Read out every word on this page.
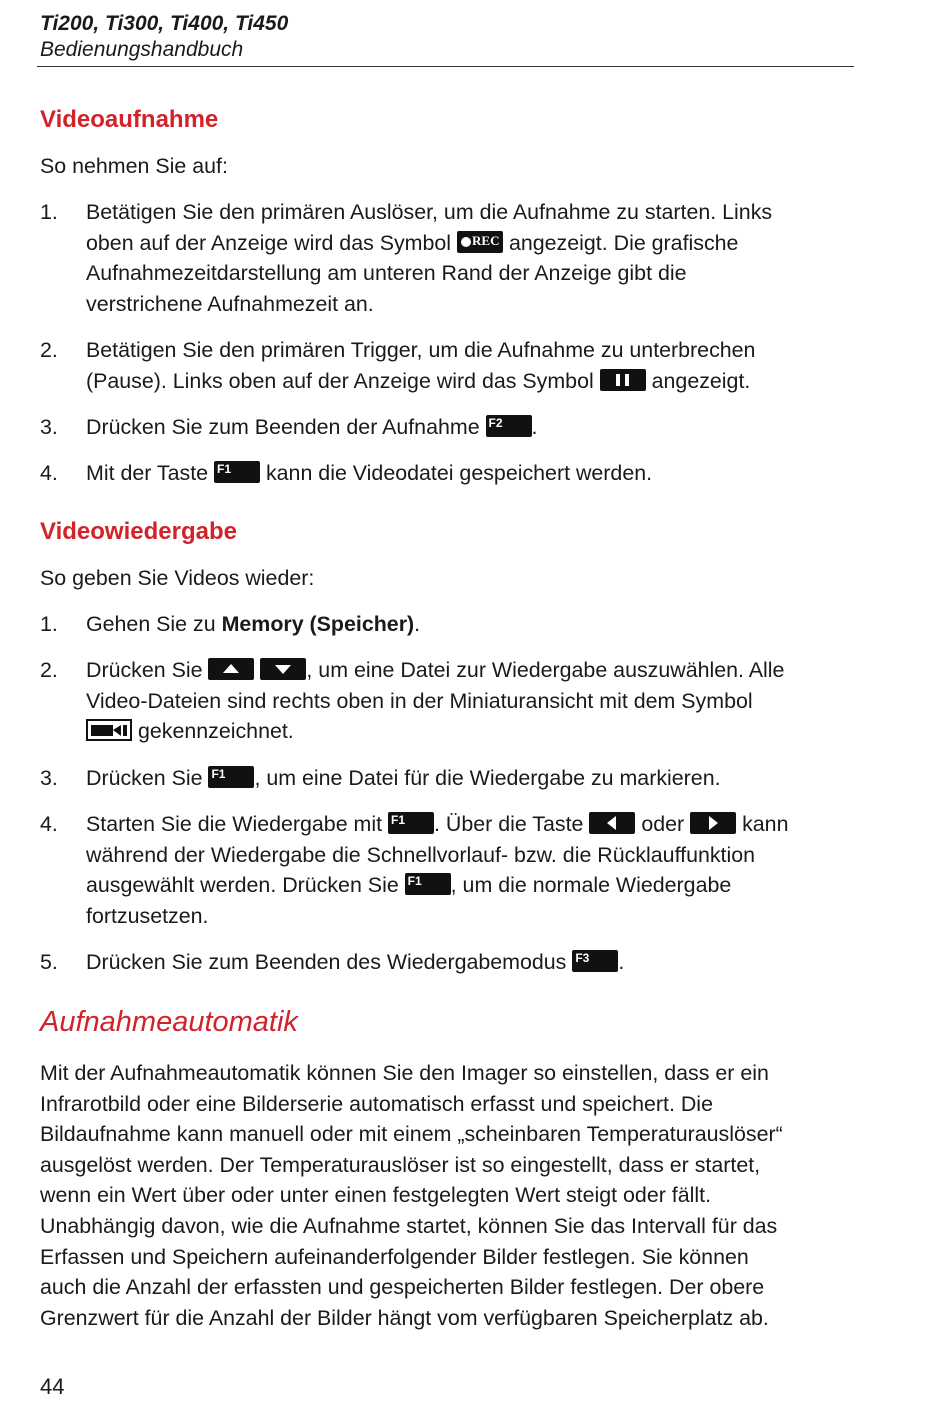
Ti200, Ti300, Ti400, Ti450
Bedienungshandbuch
Videoaufnahme
So nehmen Sie auf:
1. Betätigen Sie den primären Auslöser, um die Aufnahme zu starten. Links
oben auf der Anzeige wird das Symbol REC angezeigt. Die grafische
Aufnahmezeitdarstellung am unteren Rand der Anzeige gibt die
verstrichene Aufnahmezeit an.
2. Betätigen Sie den primären Trigger, um die Aufnahme zu unterbrechen
(Pause). Links oben auf der Anzeige wird das Symbol	angezeigt.
3. Drücken Sie zum Beenden der Aufnahme F2 .
4. Mit der Taste F1 kann die Videodatei gespeichert werden.
Videowiedergabe
So geben Sie Videos wieder:
1. Gehen Sie zu Memory (Speicher).
2. Drücken Sie
	, um eine Datei zur Wiedergabe auszuwählen. Alle
Video-Dateien sind rechts oben in der Miniaturansicht mit dem Symbol
gekennzeichnet.
3. Drücken Sie F1 , um eine Datei für die Wiedergabe zu markieren.
4. Starten Sie die Wiedergabe mit F1 . Über die Taste	oder	kann
während der Wiedergabe die Schnellvorlauf- bzw. die Rücklauffunktion
ausgewählt werden. Drücken Sie F1 , um die normale Wiedergabe
fortzusetzen.
5. Drücken Sie zum Beenden des Wiedergabemodus F3 .
Aufnahmeautomatik
Mit der Aufnahmeautomatik können Sie den Imager so einstellen, dass er ein
Infrarotbild oder eine Bilderserie automatisch erfasst und speichert. Die
Bildaufnahme kann manuell oder mit einem „scheinbaren Temperaturauslöser“
ausgelöst werden. Der Temperaturauslöser ist so eingestellt, dass er startet,
wenn ein Wert über oder unter einen festgelegten Wert steigt oder fällt.
Unabhängig davon, wie die Aufnahme startet, können Sie das Intervall für das
Erfassen und Speichern aufeinanderfolgender Bilder festlegen. Sie können
auch die Anzahl der erfassten und gespeicherten Bilder festlegen. Der obere
Grenzwert für die Anzahl der Bilder hängt vom verfügbaren Speicherplatz ab.
44
